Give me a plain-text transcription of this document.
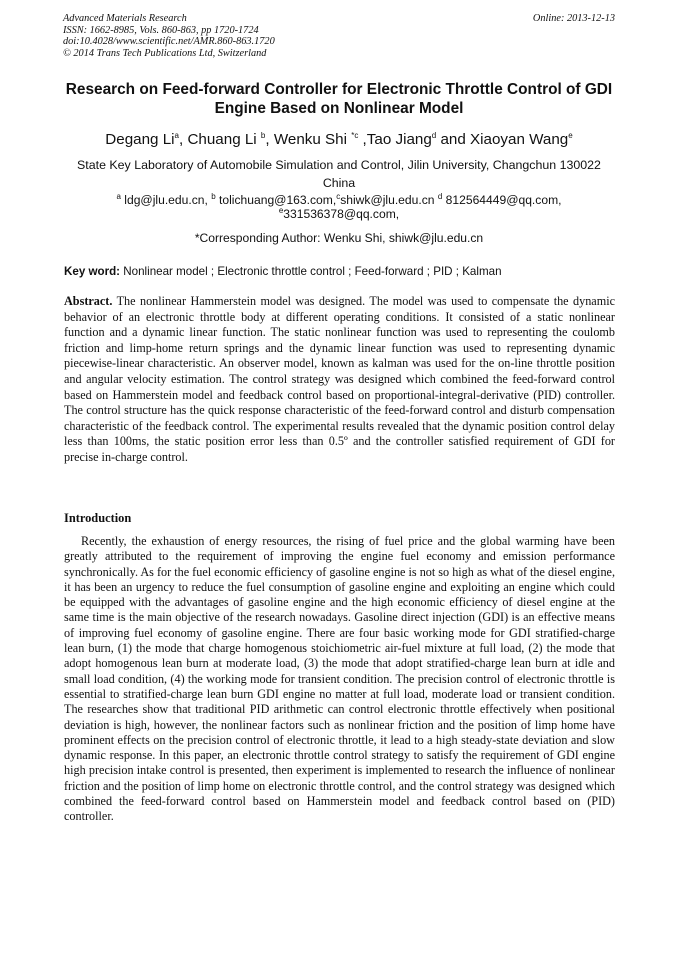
Advanced Materials Research
ISSN: 1662-8985, Vols. 860-863, pp 1720-1724
doi:10.4028/www.scientific.net/AMR.860-863.1720
© 2014 Trans Tech Publications Ltd, Switzerland
Online: 2013-12-13
Research on Feed-forward Controller for Electronic Throttle Control of GDI Engine Based on Nonlinear Model
Degang Li$^a$, Chuang Li $^b$, Wenku Shi $^{*c}$ ,Tao Jiang$^d$ and Xiaoyan Wang$^e$
State Key Laboratory of Automobile Simulation and Control, Jilin University, Changchun 130022 China
$^a$ ldg@jlu.edu.cn, $^b$ tolichuang@163.com,$^c$shiwk@jlu.edu.cn $^d$ 812564449@qq.com,
$^e$331536378@qq.com,
*Corresponding Author: Wenku Shi, shiwk@jlu.edu.cn
Key word: Nonlinear model ; Electronic throttle control ; Feed-forward ; PID ; Kalman

Abstract. The nonlinear Hammerstein model was designed. The model was used to compensate the dynamic behavior of an electronic throttle body at different operating conditions. It consisted of a static nonlinear function and a dynamic linear function. The static nonlinear function was used to representing the coulomb friction and limp-home return springs and the dynamic linear function was used to representing dynamic piecewise-linear characteristic. An observer model, known as kalman was used for the on-line throttle position and angular velocity estimation. The control strategy was designed which combined the feed-forward control based on Hammerstein model and feedback control based on proportional-integral-derivative (PID) controller. The control structure has the quick response characteristic of the feed-forward control and disturb compensation characteristic of the feedback control. The experimental results revealed that the dynamic position control delay less than 100ms, the static position error less than 0.5º and the controller satisfied requirement of GDI for precise in-charge control.

Introduction

Recently, the exhaustion of energy resources, the rising of fuel price and the global warming have been greatly attributed to the requirement of improving the engine fuel economy and emission performance synchronically. As for the fuel economic efficiency of gasoline engine is not so high as what of the diesel engine, it has been an urgency to reduce the fuel consumption of gasoline engine and exploiting an engine which could be equipped with the advantages of gasoline engine and the high economic efficiency of diesel engine at the same time is the main objective of the research nowadays. Gasoline direct injection (GDI) is an effective means of improving fuel economy of gasoline engine. There are four basic working mode for GDI stratified-charge lean burn, (1) the mode that charge homogenous stoichiometric air-fuel mixture at full load, (2) the mode that adopt homogenous lean burn at moderate load, (3) the mode that adopt stratified-charge lean burn at idle and small load condition, (4) the working mode for transient condition. The precision control of electronic throttle is essential to stratified-charge lean burn GDI engine no matter at full load, moderate load or transient condition. The researches show that traditional PID arithmetic can control electronic throttle effectively when positional deviation is high, however, the nonlinear factors such as nonlinear friction and the position of limp home have prominent effects on the precision control of electronic throttle, it lead to a high steady-state deviation and slow dynamic response. In this paper, an electronic throttle control strategy to satisfy the requirement of GDI engine high precision intake control is presented, then experiment is implemented to research the influence of nonlinear friction and the position of limp home on electronic throttle control, and the control strategy was designed which combined the feed-forward control based on Hammerstein model and feedback control based on (PID) controller.
